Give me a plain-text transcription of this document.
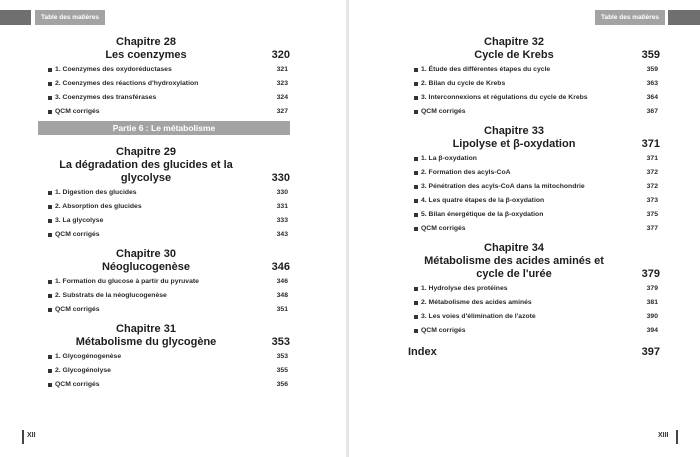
Table des matières
Chapitre 28
Les coenzymes	320
1. Coenzymes des oxydoréductases	321
2. Coenzymes des réactions d'hydroxylation	323
3. Coenzymes des transférases	324
QCM corrigés	327
Partie 6 : Le métabolisme
Chapitre 29
La dégradation des glucides et la glycolyse	330
1. Digestion des glucides	330
2. Absorption des glucides	331
3. La glycolyse	333
QCM corrigés	343
Chapitre 30
Néoglucogenèse	346
1. Formation du glucose à partir du pyruvate	346
2. Substrats de la néoglucogenèse	348
QCM corrigés	351
Chapitre 31
Métabolisme du glycogène	353
1. Glycogénogenèse	353
2. Glycogénolyse	355
QCM corrigés	356
XII
Table des matières
Chapitre 32
Cycle de Krebs	359
1. Étude des différentes étapes du cycle	359
2. Bilan du cycle de Krebs	363
3. Interconnexions et régulations du cycle de Krebs	364
QCM corrigés	367
Chapitre 33
Lipolyse et β-oxydation	371
1. La β-oxydation	371
2. Formation des acyls-CoA	372
3. Pénétration des acyls-CoA dans la mitochondrie	372
4. Les quatre étapes de la β-oxydation	373
5. Bilan énergétique de la β-oxydation	375
QCM corrigés	377
Chapitre 34
Métabolisme des acides aminés et
cycle de l'urée	379
1. Hydrolyse des protéines	379
2. Métabolisme des acides aminés	381
3. Les voies d'élimination de l'azote	390
QCM corrigés	394
Index	397
XIII
